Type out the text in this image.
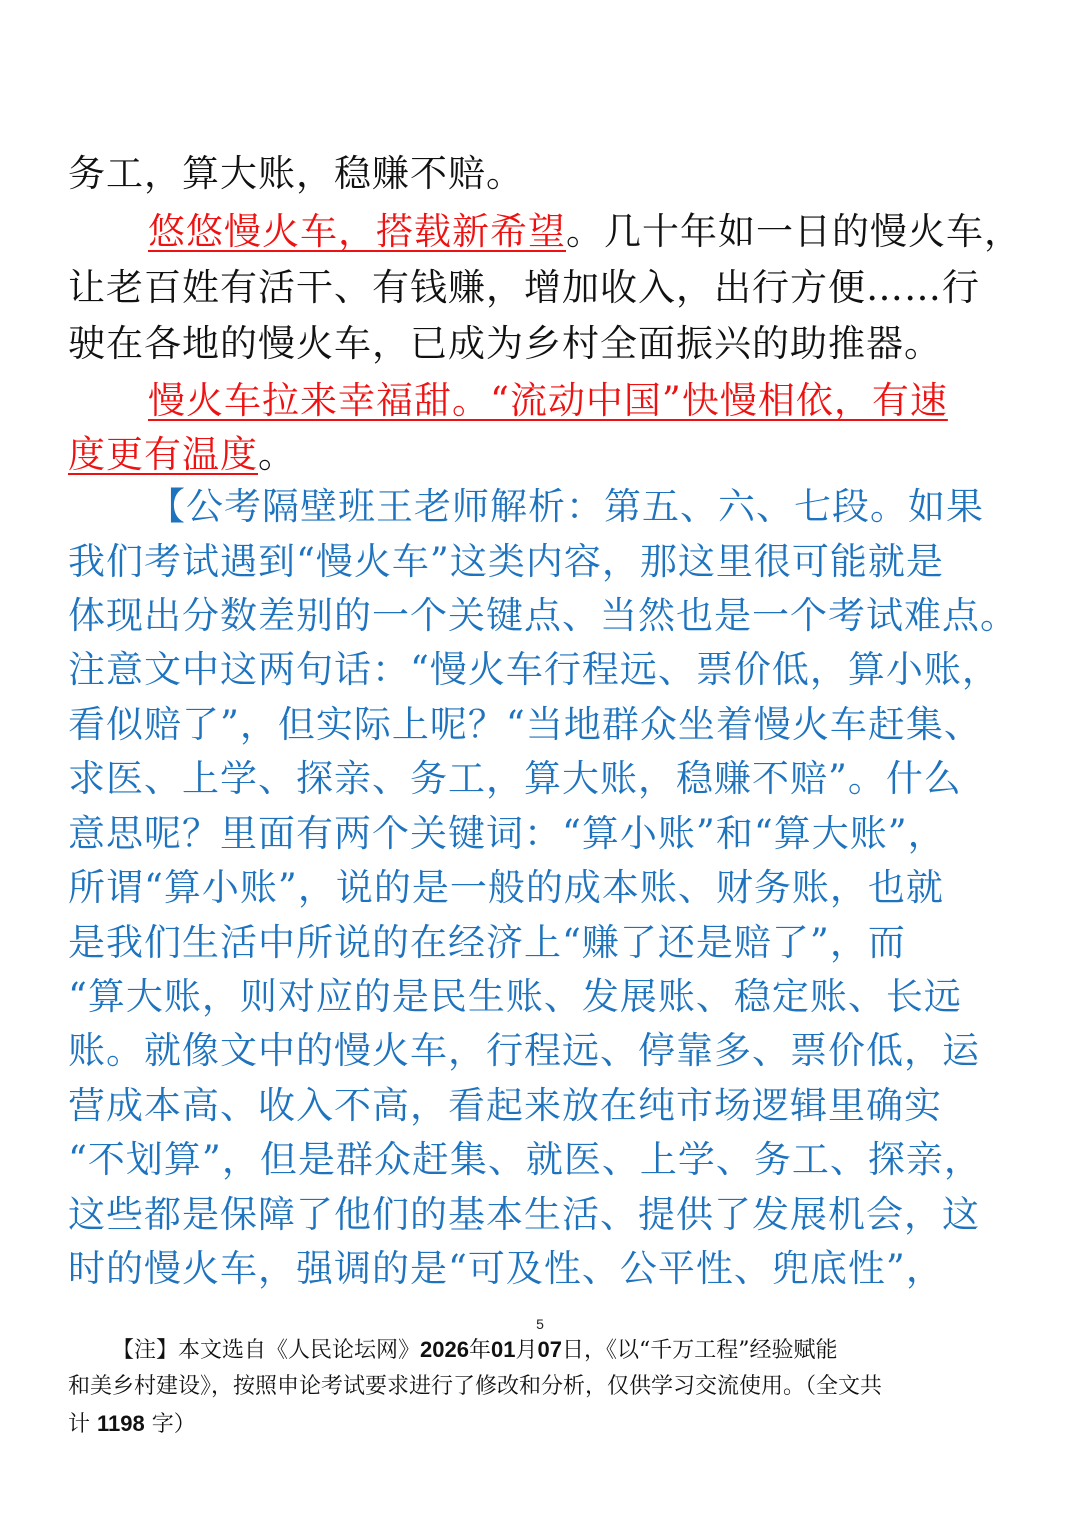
务工，算大账，稳赚不赔。
悠悠慢火车，搭载新希望。几十年如一日的慢火车，
让老百姓有活干、有钱赚，增加收入，出行方便……行
驶在各地的慢火车，已成为乡村全面振兴的助推器。
慢火车拉来幸福甜。“流动中国”快慢相依，有速
度更有温度。
【公考隔壁班王老师解析：第五、六、七段。如果
我们考试遇到“慢火车”这类内容，那这里很可能就是
体现出分数差别的一个关键点、当然也是一个考试难点。
注意文中这两句话：“慢火车行程远、票价低，算小账，
看似赔了”，但实际上呢？“当地群众坐着慢火车赶集、
求医、上学、探亲、务工，算大账，稳赚不赔”。什么
意思呢？里面有两个关键词：“算小账”和“算大账”，
所谓“算小账”，说的是一般的成本账、财务账，也就
是我们生活中所说的在经济上“赚了还是赔了”，而
“算大账，则对应的是民生账、发展账、稳定账、长远
账。就像文中的慢火车，行程远、停靠多、票价低，运
营成本高、收入不高，看起来放在纯市场逻辑里确实
“不划算”，但是群众赶集、就医、上学、务工、探亲，
这些都是保障了他们的基本生活、提供了发展机会，这
时的慢火车，强调的是“可及性、公平性、兜底性”，
5
【注】本文选自《人民论坛网》2026年01月07日，《以“千万工程”经验赋能
和美乡村建设》，按照申论考试要求进行了修改和分析，仅供学习交流使用。（全文共
计 1198 字）
